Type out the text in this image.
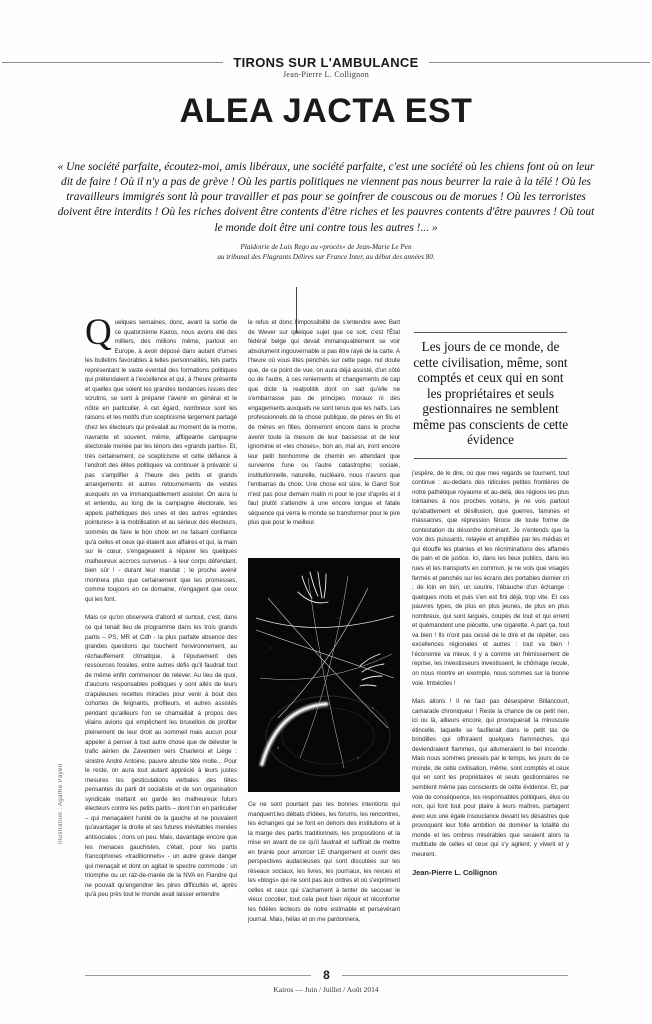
TIRONS SUR L'AMBULANCE
Jean-Pierre L. Collignon
ALEA JACTA EST
« Une société parfaite, écoutez-moi, amis libéraux, une société parfaite, c'est une société où les chiens font où on leur dit de faire ! Où il n'y a pas de grève ! Où les partis politiques ne viennent pas nous beurrer la raie à la télé ! Où les travailleurs immigrés sont là pour travailler et pas pour se goinfrer de couscous ou de morues ! Où les terroristes doivent être interdits ! Où les riches doivent être contents d'être riches et les pauvres contents d'être pauvres ! Où tout le monde doit être uni contre tous les autres !... »
Plaidoirie de Luis Rego au «procès» de Jean-Marie Le Pen
au tribunal des Flagrants Délires sur France Inter, au début des années 80.

Quelques semaines, donc, avant la sortie de ce quatorzième Kairos, nous avons été des milliers, des millions même, partout en Europe, à avoir déposé dans autant d'urnes les bulletins favorables à telles personnalités, tels partis représentant le vaste éventail des formations politiques qui prétendaient à l'excellence et qui, à l'heure présente et quelles que soient les grandes tendances issues des scrutins, se sont à préparer l'avenir en général et le nôtre en particulier. A cet égard, nombreux sont les raisons et les motifs d'un scepticisme largement partagé chez les électeurs qui prévalait au moment de la morne, navrante et souvent, même, affligeante campagne électorale menée par les ténors des «grands partis». Et, très certainement, ce scepticisme et cette défiance à l'endroit des élites politiques va continuer à prévaloir si pas s'amplifier à l'heure des petits et grands arrangements et autres retournements de vestes auxquels on va immanquablement assister. On aura lu et entendu, au long de la campagne électorale, les appels pathétiques des unes et des autres «grandes pointures» à la mobilisation et au sérieux des électeurs, sommés de faire le bon choix en ne faisant confiance qu'à celles et ceux qui étaient aux affaires et qui, la main sur le cœur, s'engageaient à réparer les quelques malheureux accrocs survenus - à leur corps défendant, bien sûr ! - durant leur mandat ; le proche avenir montrera plus que certainement que les promesses, comme toujours en ce domaine, n'engagent que ceux qui les font.

Mais ce qu'on observera d'abord et surtout, c'est, dans ce qui tenait lieu de programme dans les trois grands partis – PS, MR et Cdh - la plus parfaite absence des grandes questions qui touchent l'environnement, au réchauffement climatique, à l'épuisement des ressources fossiles, entre autres défis qu'il faudrait tout de même enfin commencer de relever. Au lieu de quoi, d'aucuns responsables politiques y sont allés de leurs crapuleuses recettes miracles pour venir à bout des cohortes de feignants, profiteurs, et autres assistés pendant qu'ailleurs l'on se chamaillait à propos des vilains avions qui empêchent les bruxellois de profiter pleinement de leur droit au sommeil mais aucun pour appeler à penser à tout autre chose que de délester le trafic aérien de Zaventem vers Charleroi et Liège : sinistre André Antoine, pauvre abrutie tête molle... Pour le reste, on aura tout autant apprécié à leurs justes mesures les gesticulations verbales des têtes pensantes du parti dit socialiste et de son organisation syndicale mettant en garde les malheureux futurs électeurs contre les petits partis – dont l'un en particulier – qui menaçaient l'unité de la gauche et ne pouvaient qu'avantager la droite et ses futures inévitables menées antisociales ; rions un peu. Mais, davantage encore que les menaces gauchistes, c'était, pour les partis francophones «traditionnels» - un autre grave danger qui menaçait et dont on agitait le spectre commode : un triomphe ou un raz-de-marée de la NVA en Flandre qui ne pouvait qu'engendrer les pires difficultés et, après qu'à peu près tout le monde avait laisser entendre

le refus et donc l'impossibilité de s'entendre avec Bart de Wever sur quelque sujet que ce soit, c'est l'État fédéral belge qui devait immanquablement se voir absolument ingouvernable si pas être rayé de la carte. A l'heure où vous êtes penchés sur cette page, nul doute que, de ce point de vue, on aura déjà assisté, d'un côté ou de l'autre, à ces reniements et changements de cap que dicte la realpolitik dont on sait qu'elle ne s'embarrasse pas de principes moraux ni des engagements auxquels ne sont tenus que les naïfs. Les professionnels de la chose publique, de pères en fils et de mères en filles, donneront encore dans le proche avenir toute la mesure de leur bassesse et de leur ignominie et «les choses», bon an, mal an, iront encore leur petit bonhomme de chemin en attendant que survienne l'une ou l'autre catastrophe; sociale, institutionnelle, naturelle, nucléaire, nous n'avons que l'embarras du choix. Une chose est sûre, le Gand Soir n'est pas pour demain matin ni pour le jour d'après et il faut plutôt s'attendre à une encore longue et fatale séquence qui verra le monde se transformer pour le pire plus que pour le meilleur.

Illustration : Agathe Payen	Ce ne sont pourtant pas les bonnes intentions qui manquent:les débats d'idées, les forums, les rencontres, les échanges qui se font en dehors des institutions et à la marge des partis traditionnels, les propositions et la mise en avant de ce qu'il faudrait et suffirait de mettre en branle pour amorcer LE changement et ouvrir des perspectives audacieuses qui sont discutées sur les réseaux sociaux, les livres, les journaux, les revues et les «blogs» qui ne sont pas aux ordres et où s'expriment celles et ceux qui s'acharnent à tenter de secouer le vieux cocotier, tout cela peut bien réjouir et réconforter les fidèles lecteurs de notre estimable et persévérant journal. Mais, hélas et on me pardonnera,

Les jours de ce monde, de cette civilisation, même, sont comptés et ceux qui en sont les propriétaires et seuls gestionnaires ne semblent même pas conscients de cette évidence

j'espère, de le dire, où que mes regards se tournent, tout continue : au-dedans des ridicules petites frontières de notre pathétique royaume et au-delà, des régions les plus lointaines à nos proches voisins, je ne vois partout qu'abattement et désillusion, que guerres, famines et massacres, que répression féroce de toute forme de contestation du désordre dominant. Je n'entends que la voix des puissants, relayée et amplifiée par les médias et qui étouffe les plaintes et les récriminations des affamés de pain et de justice. Ici, dans les lieux publics, dans les rues et les transports en commun, je ne vois que visages fermés et penchés sur les écrans des portables dernier cri ; de loin en loin, un sourire, l'ébauche d'un échange : quelques mots et puis s'en est fini déjà, trop vite. Et ces pauvres types, de plus en plus jeunes, de plus en plus nombreux, qui sont largués, coupés de tout et qui errent et quémandent une piécette, une cigarette. A part ça, tout va bien ! Ils n'ont pas cessé de le dire et de répéter, ces excellences régionales et autres : tout va bien ! l'économie va mieux, il y a comme un frémissement de reprise, les investisseurs investissent, le chômage recule, on nous montre en exemple, nous sommes sur la bonne voie. Imbéciles !

Mais allons ! Il ne faut pas désespérer Billancourt, camarade chroniqueur ! Reste la chance de ce petit rien, ici ou là, ailleurs encore, qui provoquerait la minuscule étincelle, laquelle se faufilerait dans le petit tas de brindilles qui offriraient quelques flammèches, qui deviendraient flammes, qui allumeraient le bel incendie. Mais nous sommes pressés par le temps, les jours de ce monde, de cette civilisation, même, sont comptés et ceux qui en sont les propriétaires et seuls gestionnaires ne semblent même pas conscients de cette évidence. Et, par voie de conséquence, les responsables politiques, élus ou non, qui font tout pour plaire à leurs maîtres, partagent avec eux une égale insouciance devant les désastres que provoquent leur folle ambition de dominer la totalité du monde et les ombres misérables que seraient alors la multitude de celles et ceux qui s'y agitent, y vivent et y meurent.

Jean-Pierre L. Collignon

8
Kairos — Juin / Juillet / Août 2014
